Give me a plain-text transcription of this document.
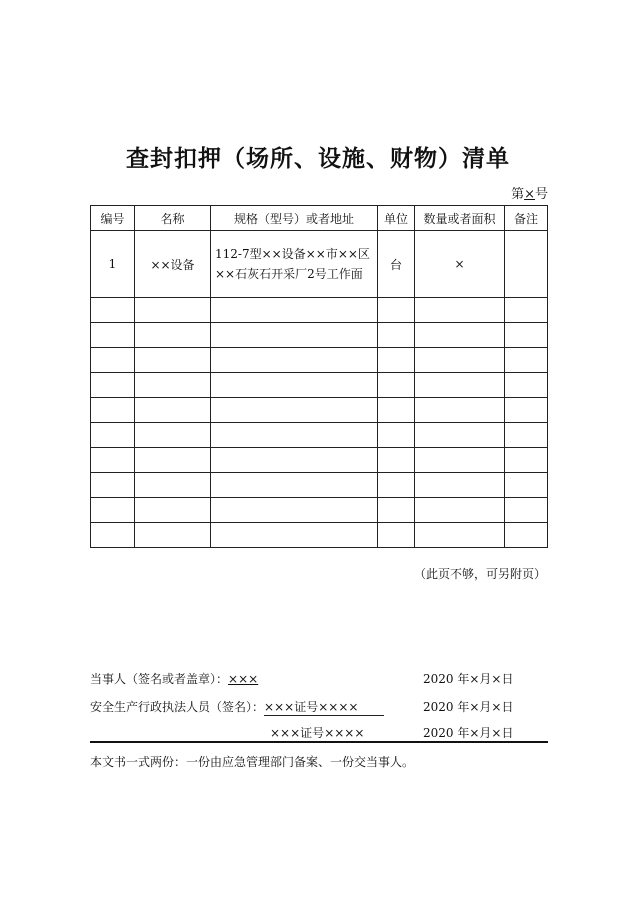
查封扣押（场所、设施、财物）清单
第×号
编号	名称	规格（型号）或者地址	单位	数量或者面积	备注
1	××设备	112-7型××设备××市××区××石灰石开采厂2号工作面	台	×	

（此页不够，可另附页）
当事人（签名或者盖章）：×××	2020 年×月×日
安全生产行政执法人员（签名）：×××证号××××	2020 年×月×日
×××证号××××	2020 年×月×日
本文书一式两份：一份由应急管理部门备案、一份交当事人。
